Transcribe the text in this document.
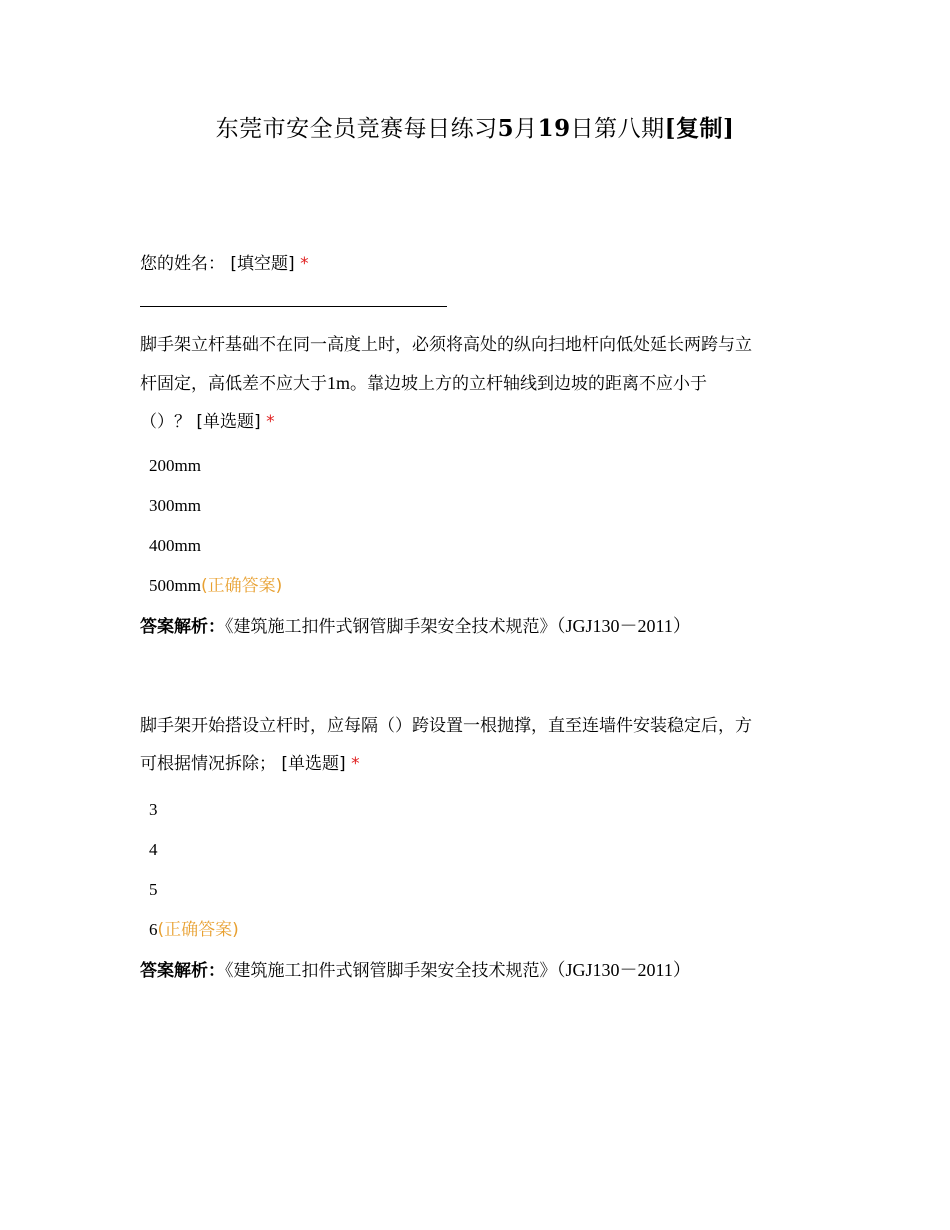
东莞市安全员竞赛每日练习5月19日第八期[复制]
您的姓名： [填空题] *
脚手架立杆基础不在同一高度上时，必须将高处的纵向扫地杆向低处延长两跨与立
杆固定，高低差不应大于1m。靠边坡上方的立杆轴线到边坡的距离不应小于
（）？ [单选题] *
200mm
300mm
400mm
500mm(正确答案)
答案解析：《建筑施工扣件式钢管脚手架安全技术规范》（JGJ130－2011）
脚手架开始搭设立杆时，应每隔（）跨设置一根抛撑，直至连墙件安装稳定后，方
可根据情况拆除； [单选题] *
3
4
5
6(正确答案)
答案解析：《建筑施工扣件式钢管脚手架安全技术规范》（JGJ130－2011）
